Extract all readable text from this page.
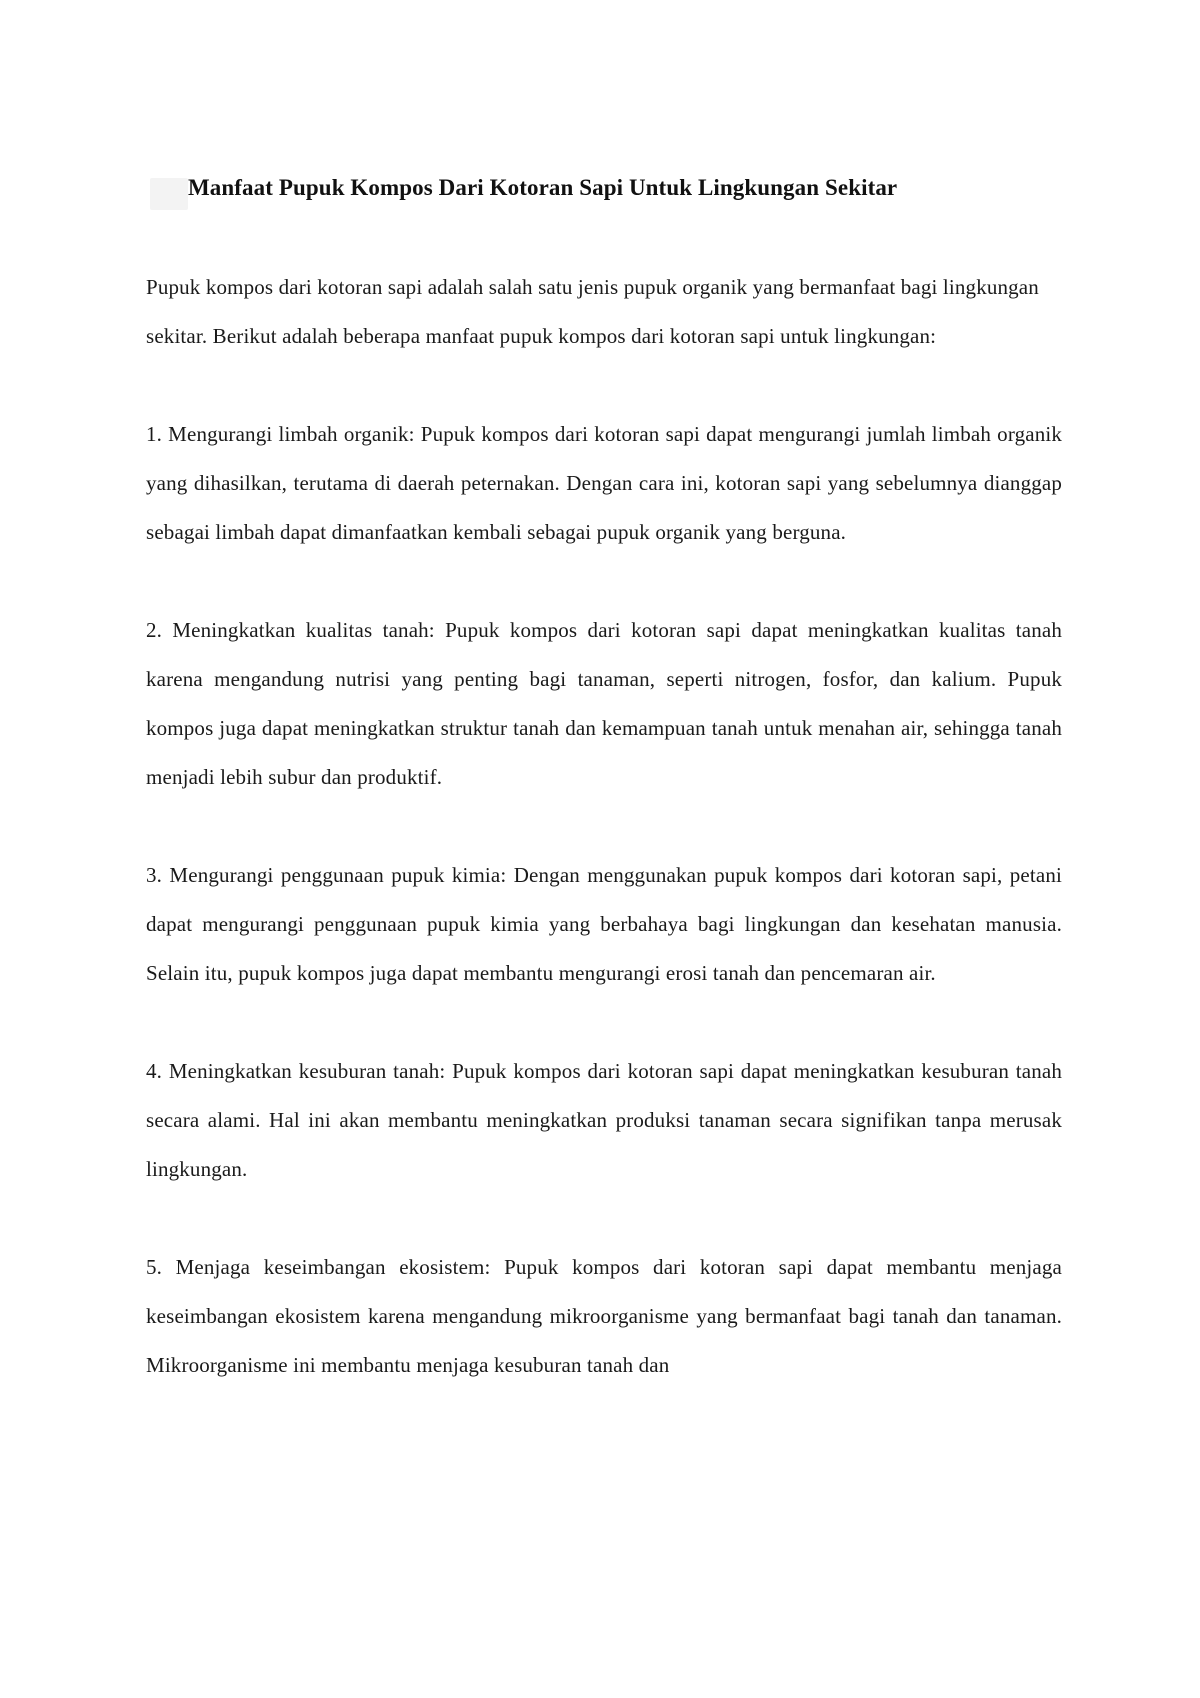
Manfaat Pupuk Kompos Dari Kotoran Sapi Untuk Lingkungan Sekitar

Pupuk kompos dari kotoran sapi adalah salah satu jenis pupuk organik yang bermanfaat bagi lingkungan sekitar. Berikut adalah beberapa manfaat pupuk kompos dari kotoran sapi untuk lingkungan:

1. Mengurangi limbah organik: Pupuk kompos dari kotoran sapi dapat mengurangi jumlah limbah organik yang dihasilkan, terutama di daerah peternakan. Dengan cara ini, kotoran sapi yang sebelumnya dianggap sebagai limbah dapat dimanfaatkan kembali sebagai pupuk organik yang berguna.

2. Meningkatkan kualitas tanah: Pupuk kompos dari kotoran sapi dapat meningkatkan kualitas tanah karena mengandung nutrisi yang penting bagi tanaman, seperti nitrogen, fosfor, dan kalium. Pupuk kompos juga dapat meningkatkan struktur tanah dan kemampuan tanah untuk menahan air, sehingga tanah menjadi lebih subur dan produktif.

3. Mengurangi penggunaan pupuk kimia: Dengan menggunakan pupuk kompos dari kotoran sapi, petani dapat mengurangi penggunaan pupuk kimia yang berbahaya bagi lingkungan dan kesehatan manusia. Selain itu, pupuk kompos juga dapat membantu mengurangi erosi tanah dan pencemaran air.

4. Meningkatkan kesuburan tanah: Pupuk kompos dari kotoran sapi dapat meningkatkan kesuburan tanah secara alami. Hal ini akan membantu meningkatkan produksi tanaman secara signifikan tanpa merusak lingkungan.

5. Menjaga keseimbangan ekosistem: Pupuk kompos dari kotoran sapi dapat membantu menjaga keseimbangan ekosistem karena mengandung mikroorganisme yang bermanfaat bagi tanah dan tanaman. Mikroorganisme ini membantu menjaga kesuburan tanah dan
